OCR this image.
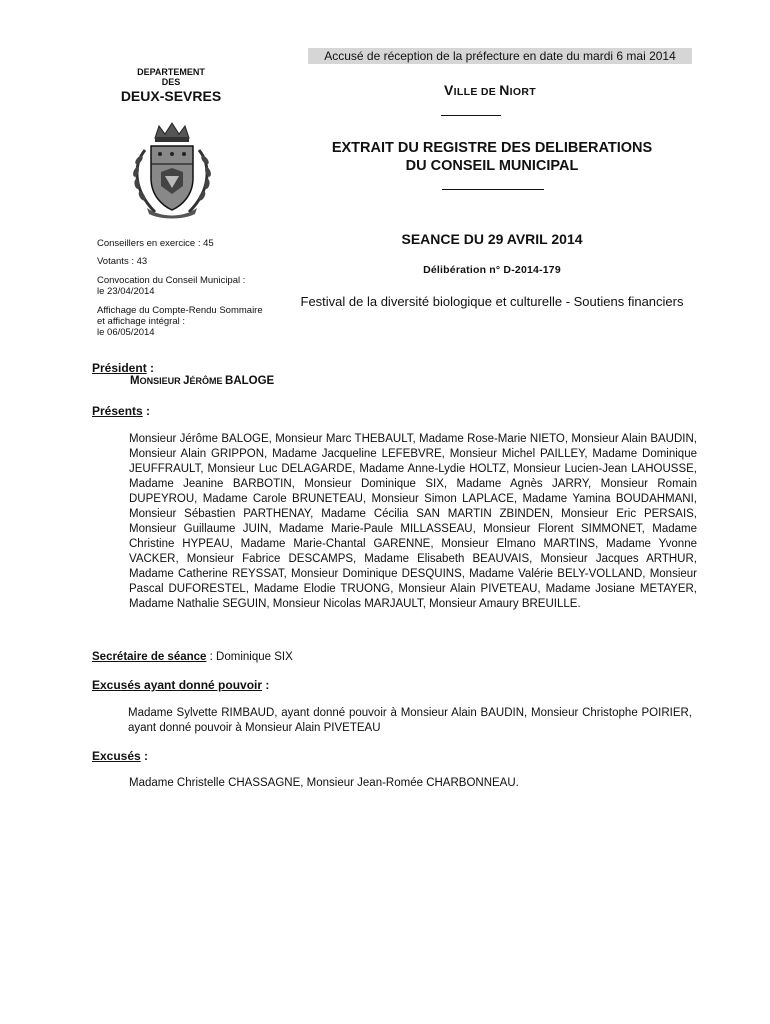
Accusé de réception de la préfecture en date du mardi 6 mai 2014
DEPARTEMENT
DES
DEUX-SEVRES	VILLE DE NIORT
EXTRAIT DU REGISTRE DES DELIBERATIONS
DU CONSEIL MUNICIPAL
Conseillers en exercice : 45
Votants : 43
Convocation du Conseil Municipal :
le 23/04/2014
Affichage du Compte-Rendu Sommaire
et affichage intégral :
le 06/05/2014
SEANCE DU 29 AVRIL 2014
Délibération n° D-2014-179
Festival de la diversité biologique et culturelle - Soutiens financiers
Président :
MONSIEUR JÉRÔME BALOGE
Présents :
Monsieur Jérôme BALOGE, Monsieur Marc THEBAULT, Madame Rose-Marie NIETO, Monsieur Alain BAUDIN, Monsieur Alain GRIPPON, Madame Jacqueline LEFEBVRE, Monsieur Michel PAILLEY, Madame Dominique JEUFFRAULT, Monsieur Luc DELAGARDE, Madame Anne-Lydie HOLTZ, Monsieur Lucien-Jean LAHOUSSE, Madame Jeanine BARBOTIN, Monsieur Dominique SIX, Madame Agnès JARRY, Monsieur Romain DUPEYROU, Madame Carole BRUNETEAU, Monsieur Simon LAPLACE, Madame Yamina BOUDAHMANI, Monsieur Sébastien PARTHENAY, Madame Cécilia SAN MARTIN ZBINDEN, Monsieur Eric PERSAIS, Monsieur Guillaume JUIN, Madame Marie-Paule MILLASSEAU, Monsieur Florent SIMMONET, Madame Christine HYPEAU, Madame Marie-Chantal GARENNE, Monsieur Elmano MARTINS, Madame Yvonne VACKER, Monsieur Fabrice DESCAMPS, Madame Elisabeth BEAUVAIS, Monsieur Jacques ARTHUR, Madame Catherine REYSSAT, Monsieur Dominique DESQUINS, Madame Valérie BELY-VOLLAND, Monsieur Pascal DUFORESTEL, Madame Elodie TRUONG, Monsieur Alain PIVETEAU, Madame Josiane METAYER, Madame Nathalie SEGUIN, Monsieur Nicolas MARJAULT, Monsieur Amaury BREUILLE.
Secrétaire de séance : Dominique SIX
Excusés ayant donné pouvoir :
Madame Sylvette RIMBAUD, ayant donné pouvoir à Monsieur Alain BAUDIN, Monsieur Christophe POIRIER, ayant donné pouvoir à Monsieur Alain PIVETEAU
Excusés :
Madame Christelle CHASSAGNE, Monsieur Jean-Romée CHARBONNEAU.
